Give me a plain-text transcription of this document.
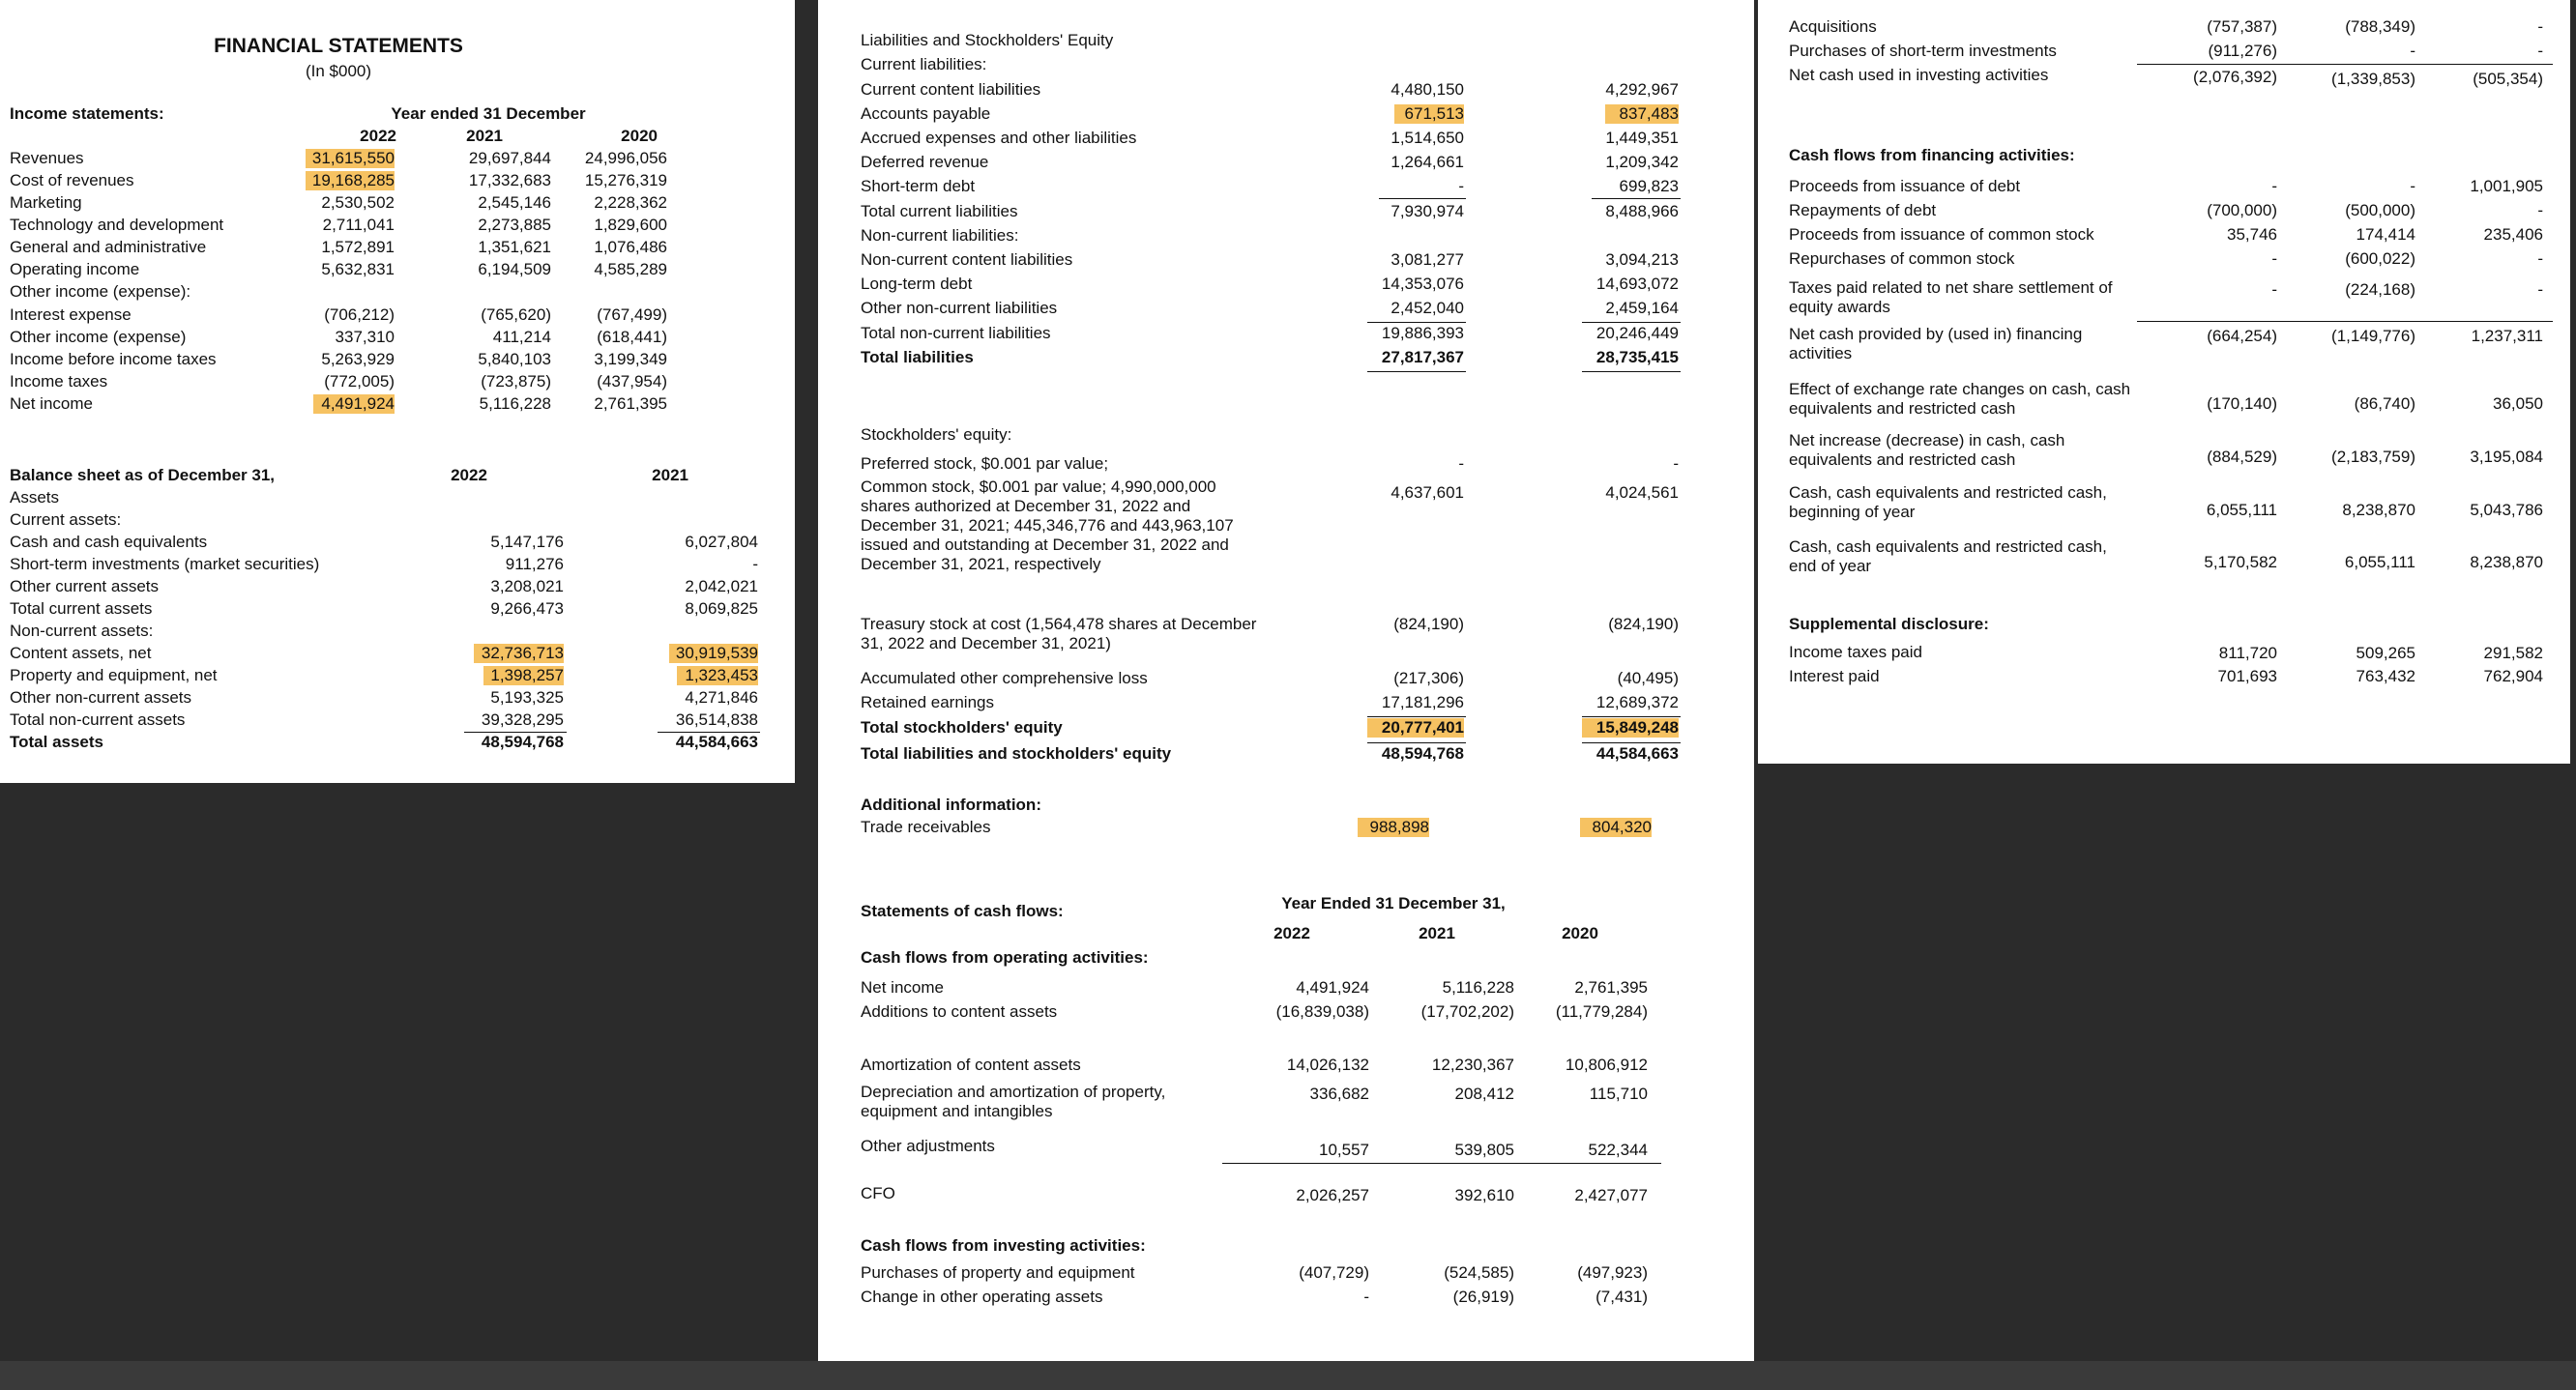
FINANCIAL STATEMENTS
(In $000)
Income statements:	Year ended 31 December
2022	2021	2020
Revenues	31,615,550	29,697,844	24,996,056
Cost of revenues	19,168,285	17,332,683	15,276,319
Marketing	2,530,502	2,545,146	2,228,362
Technology and development	2,711,041	2,273,885	1,829,600
General and administrative	1,572,891	1,351,621	1,076,486
Operating income	5,632,831	6,194,509	4,585,289
Other income (expense):
Interest expense	(706,212)	(765,620)	(767,499)
Other income (expense)	337,310	411,214	(618,441)
Income before income taxes	5,263,929	5,840,103	3,199,349
Income taxes	(772,005)	(723,875)	(437,954)
Net income	4,491,924	5,116,228	2,761,395
Balance sheet as of December 31,	2022	2021
Assets
Current assets:
Cash and cash equivalents	5,147,176	6,027,804
Short-term investments (market securities)	911,276	-
Other current assets	3,208,021	2,042,021
Total current assets	9,266,473	8,069,825
Non-current assets:
Content assets, net	32,736,713	30,919,539
Property and equipment, net	1,398,257	1,323,453
Other non-current assets	5,193,325	4,271,846
Total non-current assets	39,328,295	36,514,838
Total assets	48,594,768	44,584,663
Liabilities and Stockholders' Equity
Current liabilities:
Current content liabilities	4,480,150	4,292,967
Accounts payable	671,513	837,483
Accrued expenses and other liabilities	1,514,650	1,449,351
Deferred revenue	1,264,661	1,209,342
Short-term debt	-	699,823
Total current liabilities	7,930,974	8,488,966
Non-current liabilities:
Non-current content liabilities	3,081,277	3,094,213
Long-term debt	14,353,076	14,693,072
Other non-current liabilities	2,452,040	2,459,164
Total non-current liabilities	19,886,393	20,246,449
Total liabilities	27,817,367	28,735,415
Stockholders' equity:
Preferred stock, $0.001 par value;	-	-
Common stock, $0.001 par value; 4,990,000,000 shares authorized at December 31, 2022 and December 31, 2021; 445,346,776 and 443,963,107 issued and outstanding at December 31, 2022 and December 31, 2021, respectively
4,637,601	4,024,561
Treasury stock at cost (1,564,478 shares at December 31, 2022 and December 31, 2021)
(824,190)	(824,190)
Accumulated other comprehensive loss	(217,306)	(40,495)
Retained earnings	17,181,296	12,689,372
Total stockholders' equity	20,777,401	15,849,248
Total liabilities and stockholders' equity	48,594,768	44,584,663
Additional information:
Trade receivables	988,898	804,320
Statements of cash flows:	Year Ended 31 December 31,
2022	2021	2020
Cash flows from operating activities:
Net income	4,491,924	5,116,228	2,761,395
Additions to content assets	(16,839,038)	(17,702,202)	(11,779,284)
Amortization of content assets	14,026,132	12,230,367	10,806,912
Depreciation and amortization of property, equipment and intangibles
336,682	208,412	115,710
Other adjustments	10,557	539,805	522,344
CFO	2,026,257	392,610	2,427,077
Cash flows from investing activities:
Purchases of property and equipment	(407,729)	(524,585)	(497,923)
Change in other operating assets	-	(26,919)	(7,431)
Acquisitions	(757,387)	(788,349)	-
Purchases of short-term investments	(911,276)	-	-
Net cash used in investing activities	(2,076,392)	(1,339,853)	(505,354)
Cash flows from financing activities:
Proceeds from issuance of debt	-	-	1,001,905
Repayments of debt	(700,000)	(500,000)	-
Proceeds from issuance of common stock	35,746	174,414	235,406
Repurchases of common stock	-	(600,022)	-
Taxes paid related to net share settlement of equity awards
-	(224,168)	-
Net cash provided by (used in) financing activities
(664,254)	(1,149,776)	1,237,311
Effect of exchange rate changes on cash, cash equivalents and restricted cash	(170,140)	(86,740)	36,050
Net increase (decrease) in cash, cash equivalents and restricted cash	(884,529)	(2,183,759)	3,195,084
Cash, cash equivalents and restricted cash, beginning of year	6,055,111	8,238,870	5,043,786
Cash, cash equivalents and restricted cash, end of year	5,170,582	6,055,111	8,238,870
Supplemental disclosure:
Income taxes paid	811,720	509,265	291,582
Interest paid	701,693	763,432	762,904
